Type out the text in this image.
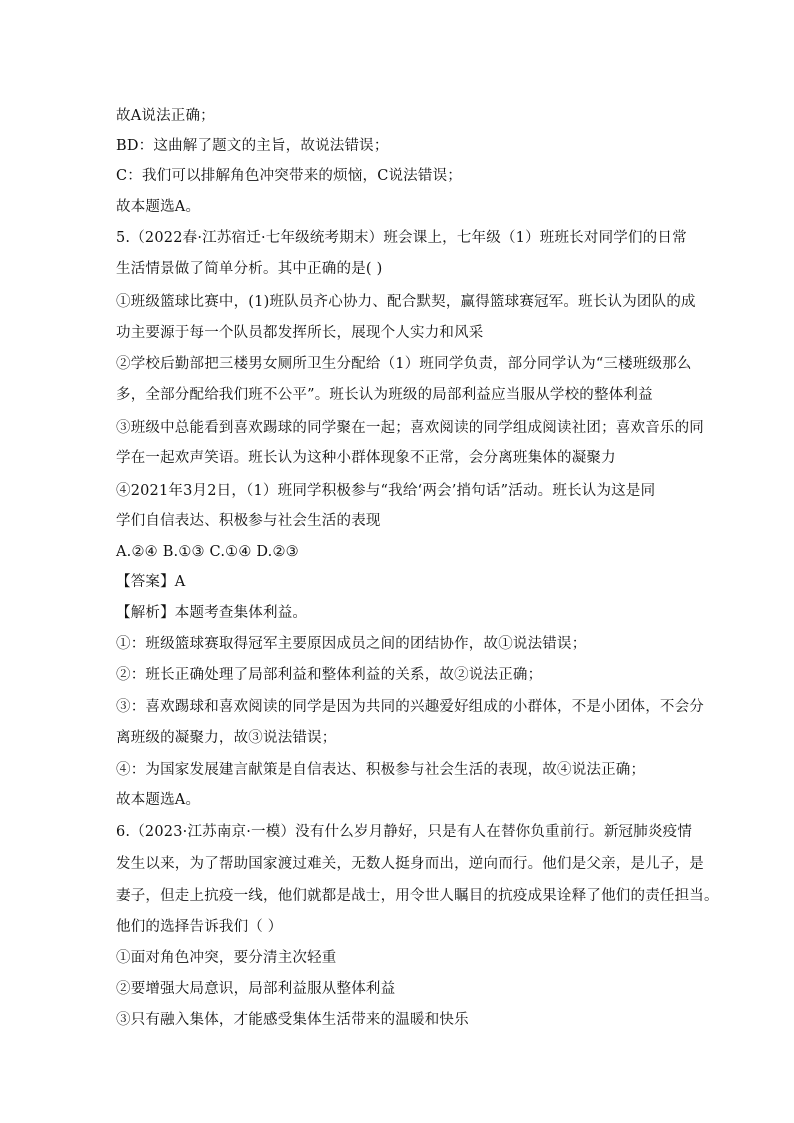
故A说法正确；
BD：这曲解了题文的主旨，故说法错误；
C：我们可以排解角色冲突带来的烦恼，C说法错误；
故本题选A。
5.（2022春·江苏宿迁·七年级统考期末）班会课上，七年级（1）班班长对同学们的日常
生活情景做了简单分析。其中正确的是( )
①班级篮球比赛中，(1)班队员齐心协力、配合默契，赢得篮球赛冠军。班长认为团队的成
功主要源于每一个队员都发挥所长，展现个人实力和风采
②学校后勤部把三楼男女厕所卫生分配给（1）班同学负责，部分同学认为“三楼班级那么
多，全部分配给我们班不公平”。班长认为班级的局部利益应当服从学校的整体利益
③班级中总能看到喜欢踢球的同学聚在一起；喜欢阅读的同学组成阅读社团；喜欢音乐的同
学在一起欢声笑语。班长认为这种小群体现象不正常，会分离班集体的凝聚力
④2021年3月2日，（1）班同学积极参与“我给‘两会’捎句话”活动。班长认为这是同
学们自信表达、积极参与社会生活的表现
A.②④ B.①③ C.①④ D.②③
【答案】A
【解析】本题考查集体利益。
①：班级篮球赛取得冠军主要原因成员之间的团结协作，故①说法错误；
②：班长正确处理了局部利益和整体利益的关系，故②说法正确；
③：喜欢踢球和喜欢阅读的同学是因为共同的兴趣爱好组成的小群体，不是小团体，不会分
离班级的凝聚力，故③说法错误；
④：为国家发展建言献策是自信表达、积极参与社会生活的表现，故④说法正确；
故本题选A。
6.（2023·江苏南京·一模）没有什么岁月静好，只是有人在替你负重前行。新冠肺炎疫情
发生以来，为了帮助国家渡过难关，无数人挺身而出，逆向而行。他们是父亲，是儿子，是
妻子，但走上抗疫一线，他们就都是战士，用令世人瞩目的抗疫成果诠释了他们的责任担当。
他们的选择告诉我们（ ）
①面对角色冲突，要分清主次轻重
②要增强大局意识，局部利益服从整体利益
③只有融入集体，才能感受集体生活带来的温暖和快乐
